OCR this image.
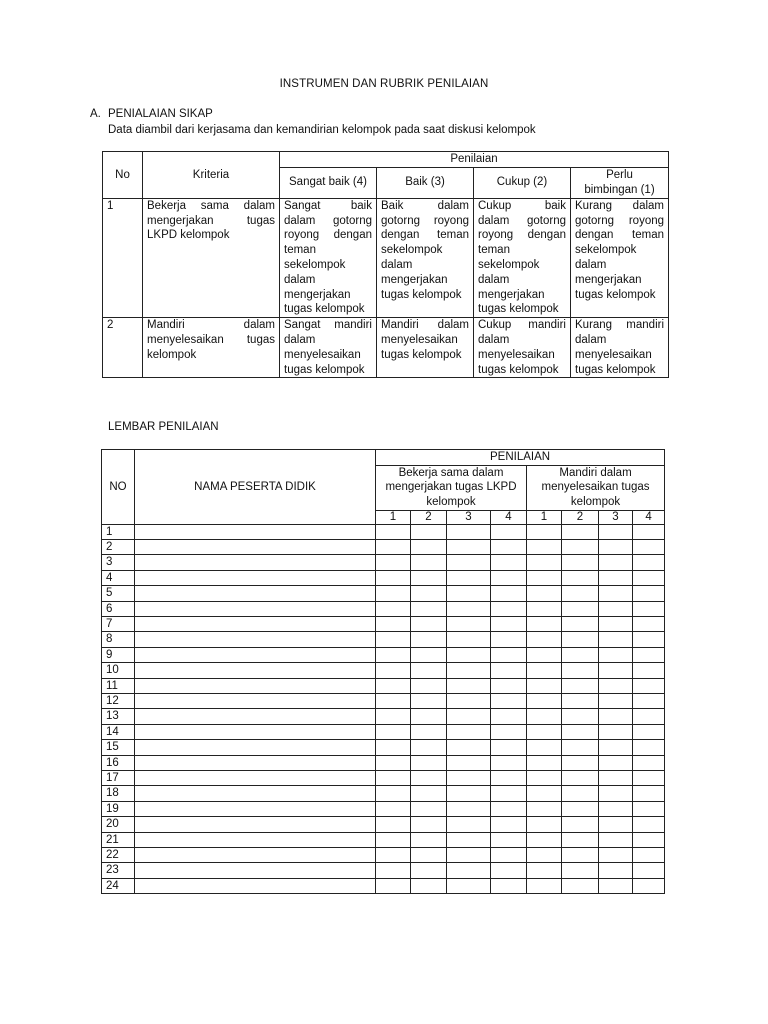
INSTRUMEN DAN RUBRIK PENILAIAN
A. PENIALAIAN SIKAP
Data diambil dari kerjasama dan kemandirian kelompok pada saat diskusi kelompok
No	Kriteria	Penilaian			
		Sangat baik (4)	Baik (3)	Cukup (2)	Perlu bimbingan (1)
1	Bekerja sama dalam mengerjakan tugas LKPD kelompok	Sangat baik dalam gotorng royong dengan teman sekelompok dalam mengerjakan tugas kelompok	Baik dalam gotorng royong dengan teman sekelompok dalam mengerjakan tugas kelompok	Cukup baik dalam gotorng royong dengan teman sekelompok dalam mengerjakan tugas kelompok	Kurang dalam gotorng royong dengan teman sekelompok dalam mengerjakan tugas kelompok
2	Mandiri dalam menyelesaikan tugas kelompok	Sangat mandiri dalam menyelesaikan tugas kelompok	Mandiri dalam menyelesaikan tugas kelompok	Cukup mandiri dalam menyelesaikan tugas kelompok	Kurang mandiri dalam menyelesaikan tugas kelompok
LEMBAR PENILAIAN
NO	NAMA PESERTA DIDIK	PENILAIAN							
		Bekerja sama dalam mengerjakan tugas LKPD kelompok				Mandiri dalam menyelesaikan tugas kelompok			
		1	2	3	4	1	2	3	4
1									
2									
3									
4									
5									
6									
7									
8									
9									
10									
11									
12									
13									
14									
15									
16									
17									
18									
19									
20									
21									
22									
23									
24									
